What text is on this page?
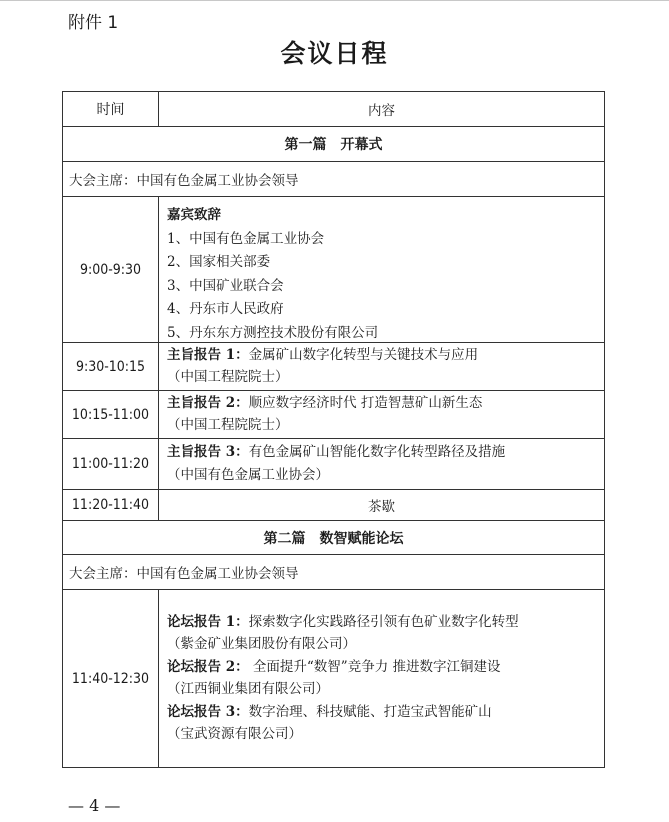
附件 1
会议日程
时间	内容
第一篇　开幕式
大会主席：中国有色金属工业协会领导
9:00-9:30
嘉宾致辞
1、中国有色金属工业协会
2、国家相关部委
3、中国矿业联合会
4、丹东市人民政府
5、丹东东方测控技术股份有限公司
9:30-10:15
主旨报告 1：金属矿山数字化转型与关键技术与应用
（中国工程院院士）
10:15-11:00
主旨报告 2：顺应数字经济时代 打造智慧矿山新生态
（中国工程院院士）
11:00-11:20
主旨报告 3：有色金属矿山智能化数字化转型路径及措施
（中国有色金属工业协会）
11:20-11:40	茶歇
第二篇　数智赋能论坛
大会主席：中国有色金属工业协会领导
11:40-12:30
论坛报告 1：探索数字化实践路径引领有色矿业数字化转型
（紫金矿业集团股份有限公司）
论坛报告 2： 全面提升“数智”竞争力 推进数字江铜建设
（江西铜业集团有限公司）
论坛报告 3：数字治理、科技赋能、打造宝武智能矿山
（宝武资源有限公司）
— 4 —
